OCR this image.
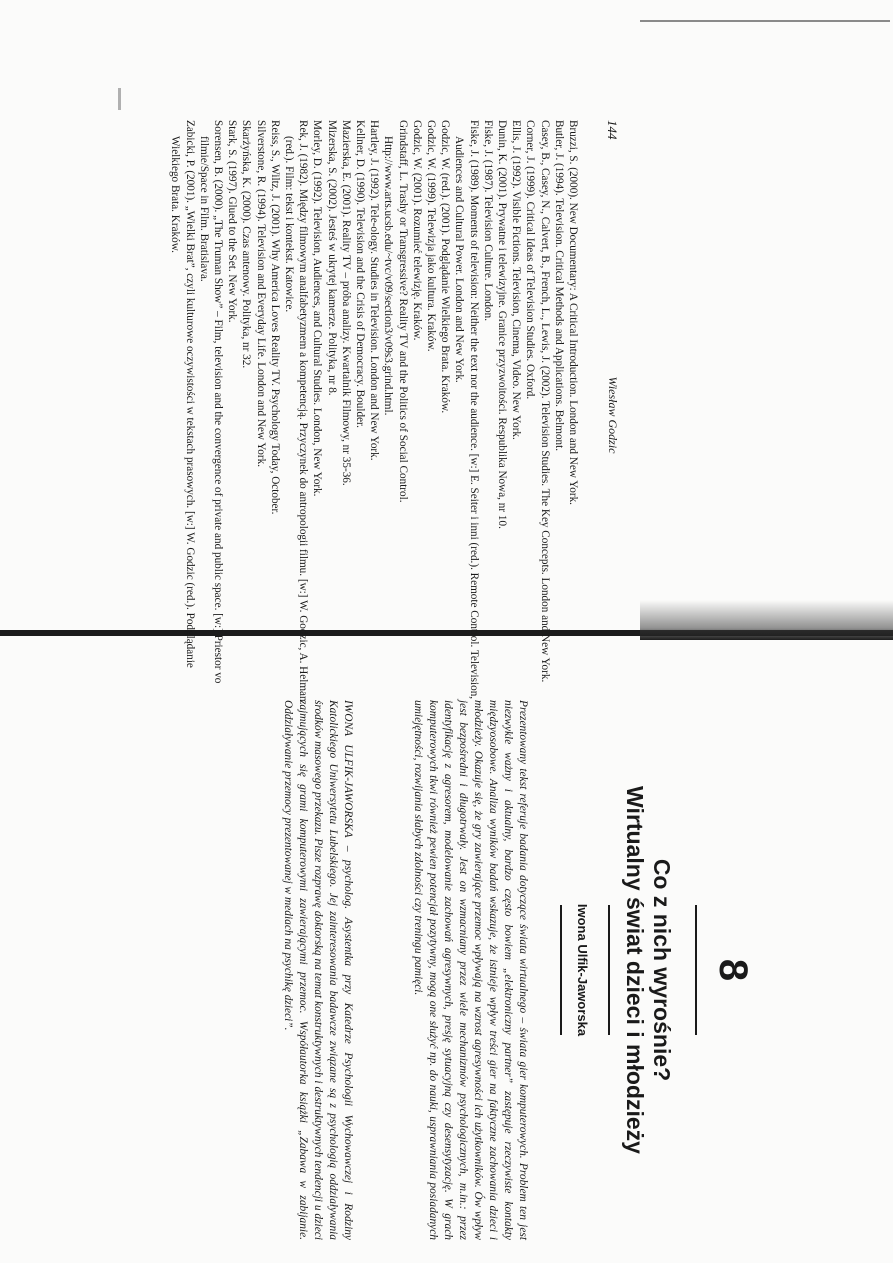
144
Wiesław Godzic

Bruzzi, S. (2000). New Documentary: A Critical Introduction. London and New York.

Butler, J. (1994). Television. Critical Methods and Applications. Belmont.

Casey, B., Casey, N., Calvert, B., French, L., Lewis, J. (2002). Television Studies. The Key Concepts. London and New York.

Corner, J. (1999). Critical Ideas of Television Studies. Oxford.

Ellis, J. (1992). Visible Fictions. Television, Cinema, Video. New York.

Dunin, K. (2001). Prywatne i telewizyjne. Granice przyzwoitości. Respublika Nowa, nr 10.

Fiske, J. (1987). Television Culture. London.

Fiske, J. (1989). Moments of television: Neither the text nor the audience. [w:] E. Seiter i inni (red.). Remote Control. Television, Audiences and Cultural Power. London and New York.

Godzic, W. (red.). (2001). Podglądanie Wielkiego Brata. Kraków.

Godzic, W. (1999). Telewizja jako kultura. Kraków.

Godzic, W. (2001). Rozumieć telewizję. Kraków.

Grindstaff, L. Trashy or Transgressive? Reality TV and the Politics of Social Control. Http://www.arts.ucsb.edu/~tvc/v09/section3/v09s3.grind.html.

Hartley, J. (1992). Tele-ology. Studies in Television. London and New York.

Kellner, D. (1990). Television and the Crisis of Democracy. Boulder.

Mazierska, E. (2001). Reality TV – próba analizy. Kwartalnik Filmowy, nr 35-36.

Mizerska, S. (2002). Jesteś w ukrytej kamerze. Polityka, nr 8.

Morley, D. (1992). Television, Audiences, and Cultural Studies. London, New York.

Rek, J. (1982). Między filmowym analfabetyzmem a kompetencją. Przyczynek do antropologii filmu. [w:] W. Godzic, A. Helman (red.). Film: tekst i kontekst. Katowice.

Reiss, S., Wiltz, J. (2001). Why America Loves Reality TV. Psychology Today, October.

Silverstone, R. (1994). Television and Everyday Life. London and New York.

Skarżyńska, K. (2000). Czas antenowy. Polityka, nr 32.

Stark, S. (1997). Glued to the Set. New York.

Sorensen, B. (2000). „The Truman Show” – Film, television and the convergence of private and public space. [w:] Priestor vo filmie/Space in Film. Bratislava.

Zabicki, P. (2001). „Wielki Brat”, czyli kulturowe oczywistości w tekstach prasowych. [w:] W. Godzic (red.). Podglądanie Wielkiego Brata. Kraków.

8
Co z nich wyrośnie?
Wirtualny świat dzieci i młodzieży
Iwona Ulfik-Jaworska
Prezentowany tekst referuje badania dotyczące świata wirtualnego – świata gier komputerowych. Problem ten jest niezwykle ważny i aktualny, bardzo często bowiem „elektroniczny partner” zastępuje rzeczywiste kontakty międzyosobowe. Analiza wyników badań wskazuje, że istnieje wpływ treści gier na faktyczne zachowania dzieci i młodzieży. Okazuje się, że gry zawierające przemoc wpływają na wzrost agresywności ich użytkowników. Ów wpływ jest bezpośredni i długotrwały. Jest on wzmacniany przez wiele mechanizmów psychologicznych, m.in.: przez identyfikację z agresorem, modelowanie zachowań agresywnych, presję sytuacyjną czy desensytyzację. W grach komputerowych tkwi również pewien potencjał pozytywny, mogą one służyć np. do nauki, usprawniania posiadanych umiejętności, rozwijania słabych zdolności czy treningu pamięci.
IWONA ULFIK-JAWORSKA – psycholog. Asystentka przy Katedrze Psychologii Wychowawczej i Rodziny Katolickiego Uniwersytetu Lubelskiego. Jej zainteresowania badawcze związane są z psychologią oddziaływania środków masowego przekazu. Pisze rozprawę doktorską na temat konstruktywnych i destruktywnych tendencji u dzieci zajmujących się grami komputerowymi zawierającymi przemoc. Współautorka książki „Zabawa w zabijanie. Oddziaływanie przemocy prezentowanej w mediach na psychikę dzieci”.
